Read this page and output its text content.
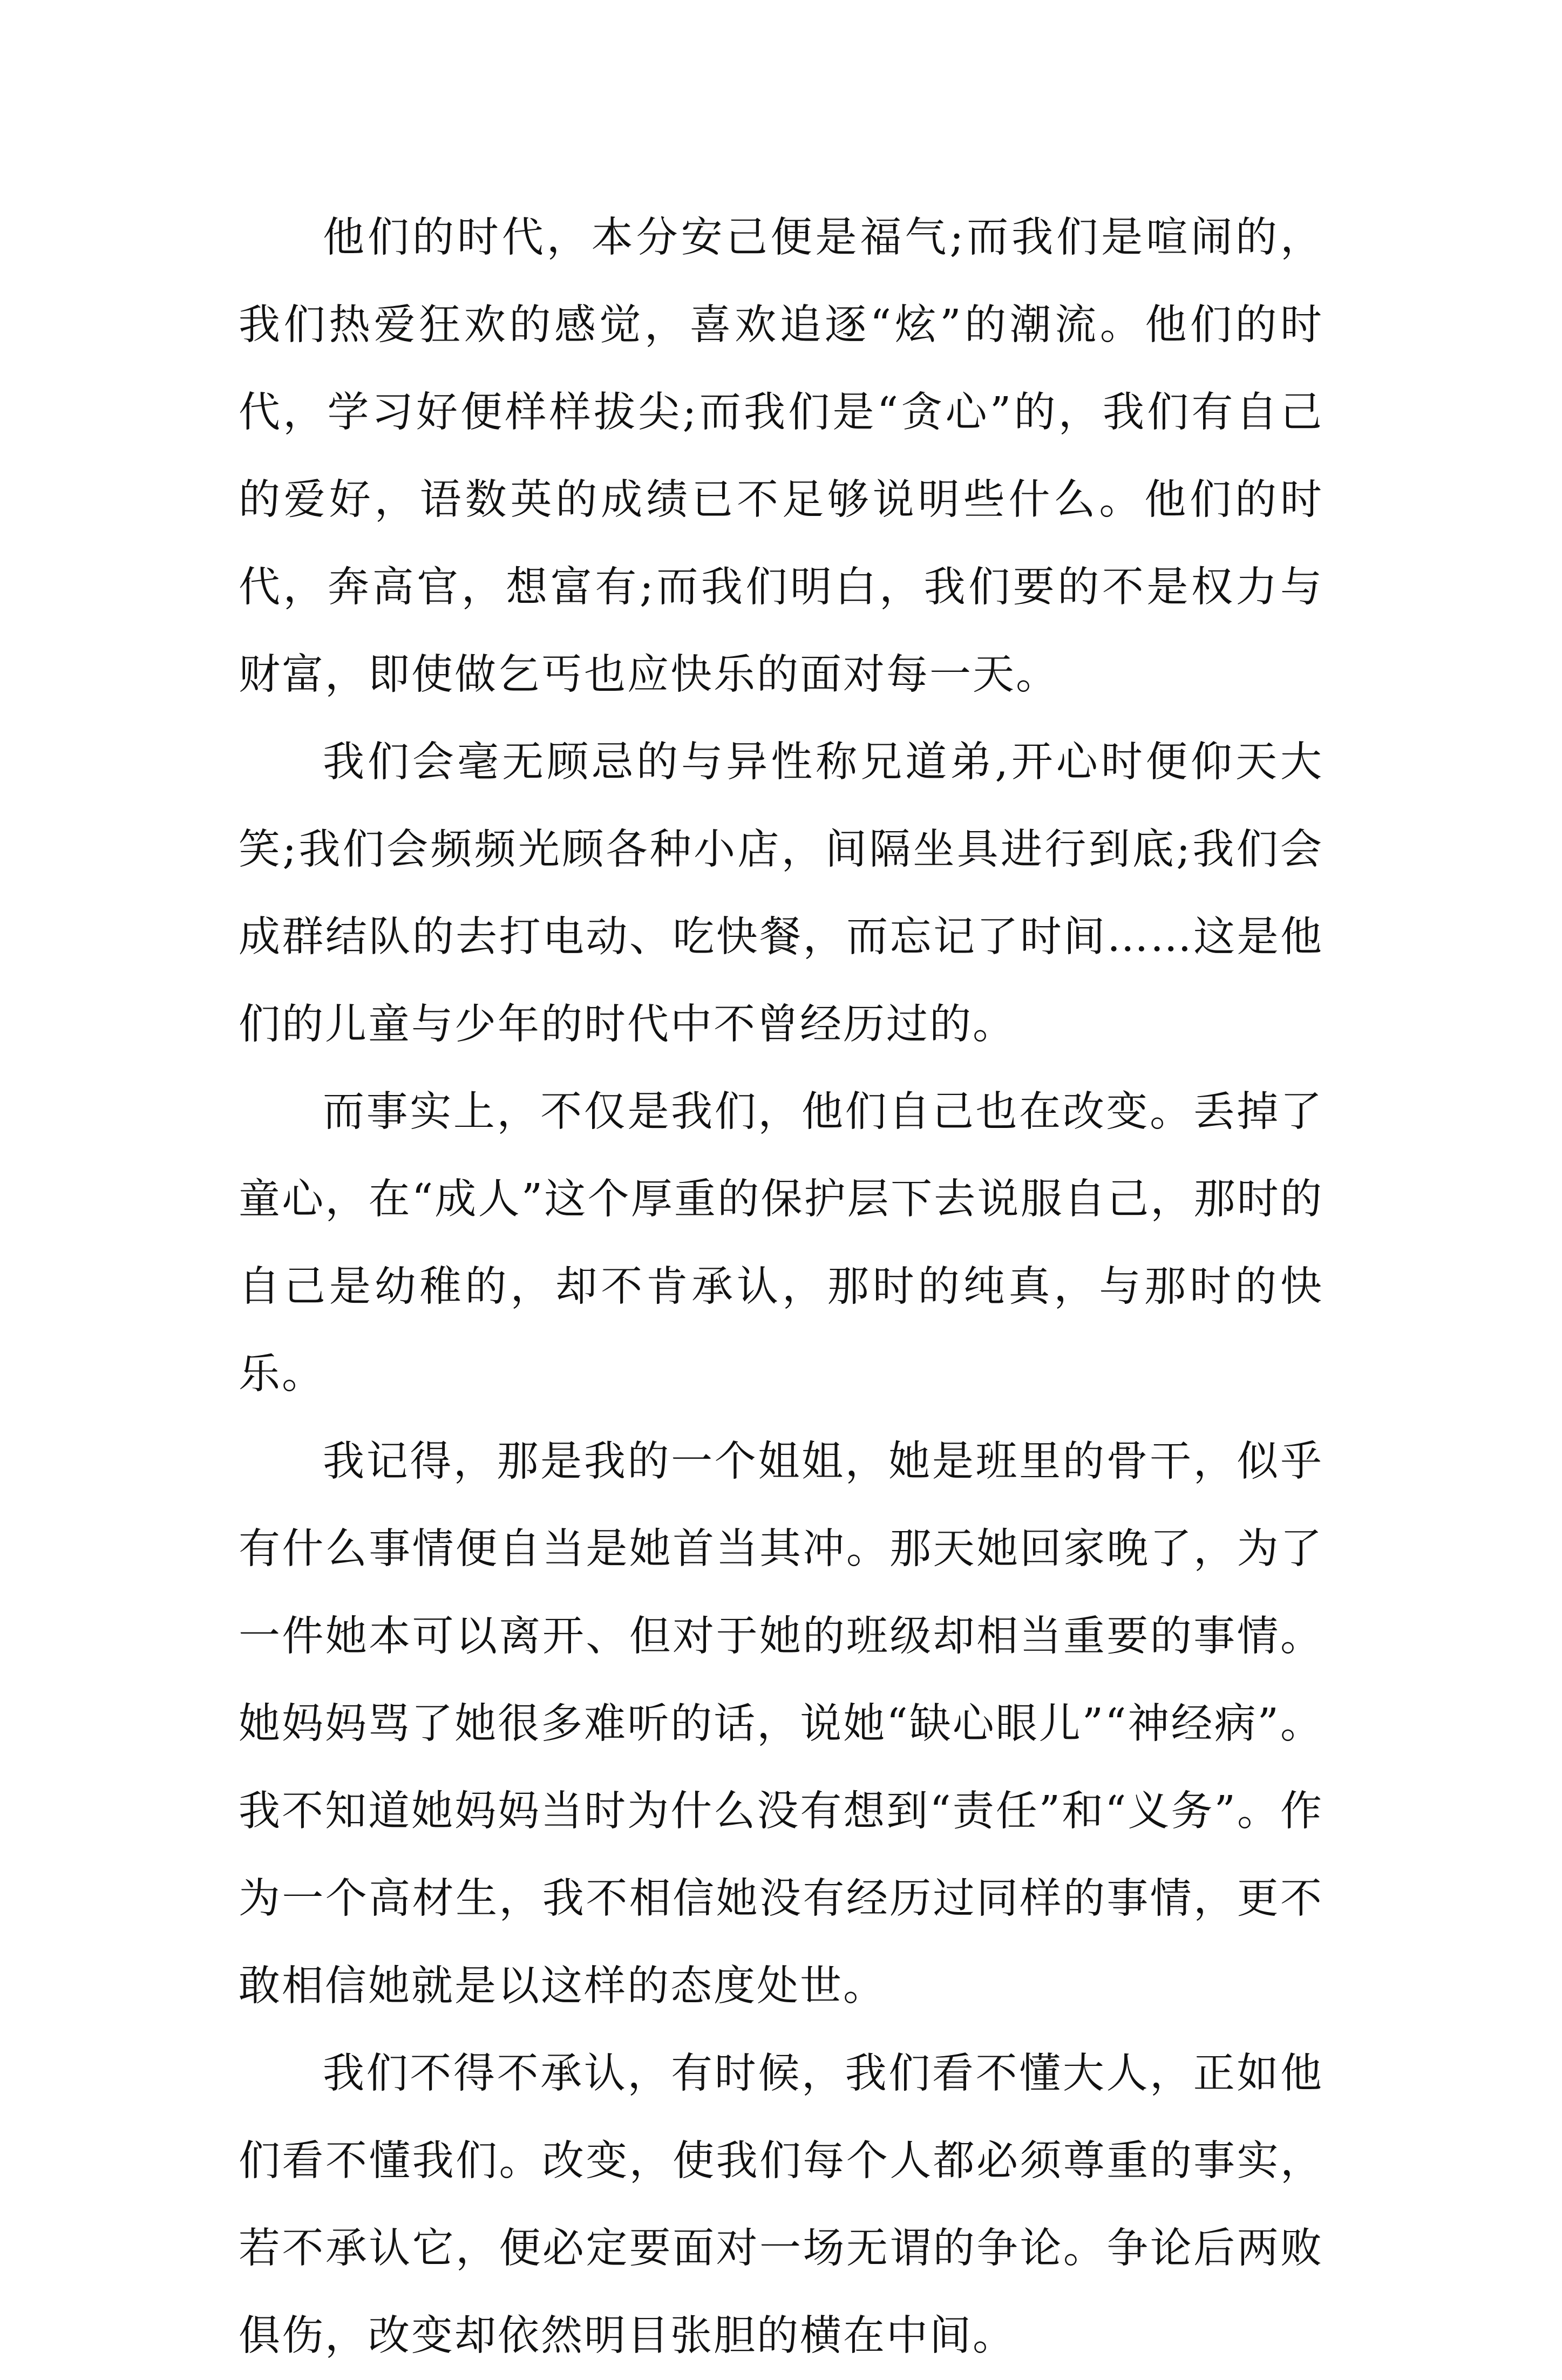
他们的时代，本分安己便是福气;而我们是喧闹的，我们热爱狂欢的感觉，喜欢追逐“炫”的潮流。他们的时代，学习好便样样拔尖;而我们是“贪心”的，我们有自己的爱好，语数英的成绩已不足够说明些什么。他们的时代，奔高官，想富有;而我们明白，我们要的不是权力与财富，即使做乞丐也应快乐的面对每一天。

我们会毫无顾忌的与异性称兄道弟,开心时便仰天大笑;我们会频频光顾各种小店，间隔坐具进行到底;我们会成群结队的去打电动、吃快餐，而忘记了时间……这是他们的儿童与少年的时代中不曾经历过的。

而事实上，不仅是我们，他们自己也在改变。丢掉了童心，在“成人”这个厚重的保护层下去说服自己，那时的自己是幼稚的，却不肯承认，那时的纯真，与那时的快乐。

我记得，那是我的一个姐姐，她是班里的骨干，似乎有什么事情便自当是她首当其冲。那天她回家晚了，为了一件她本可以离开、但对于她的班级却相当重要的事情。她妈妈骂了她很多难听的话，说她“缺心眼儿”“神经病”。我不知道她妈妈当时为什么没有想到“责任”和“义务”。作为一个高材生，我不相信她没有经历过同样的事情，更不敢相信她就是以这样的态度处世。

我们不得不承认，有时候，我们看不懂大人，正如他们看不懂我们。改变，使我们每个人都必须尊重的事实，若不承认它，便必定要面对一场无谓的争论。争论后两败俱伤，改变却依然明目张胆的横在中间。
